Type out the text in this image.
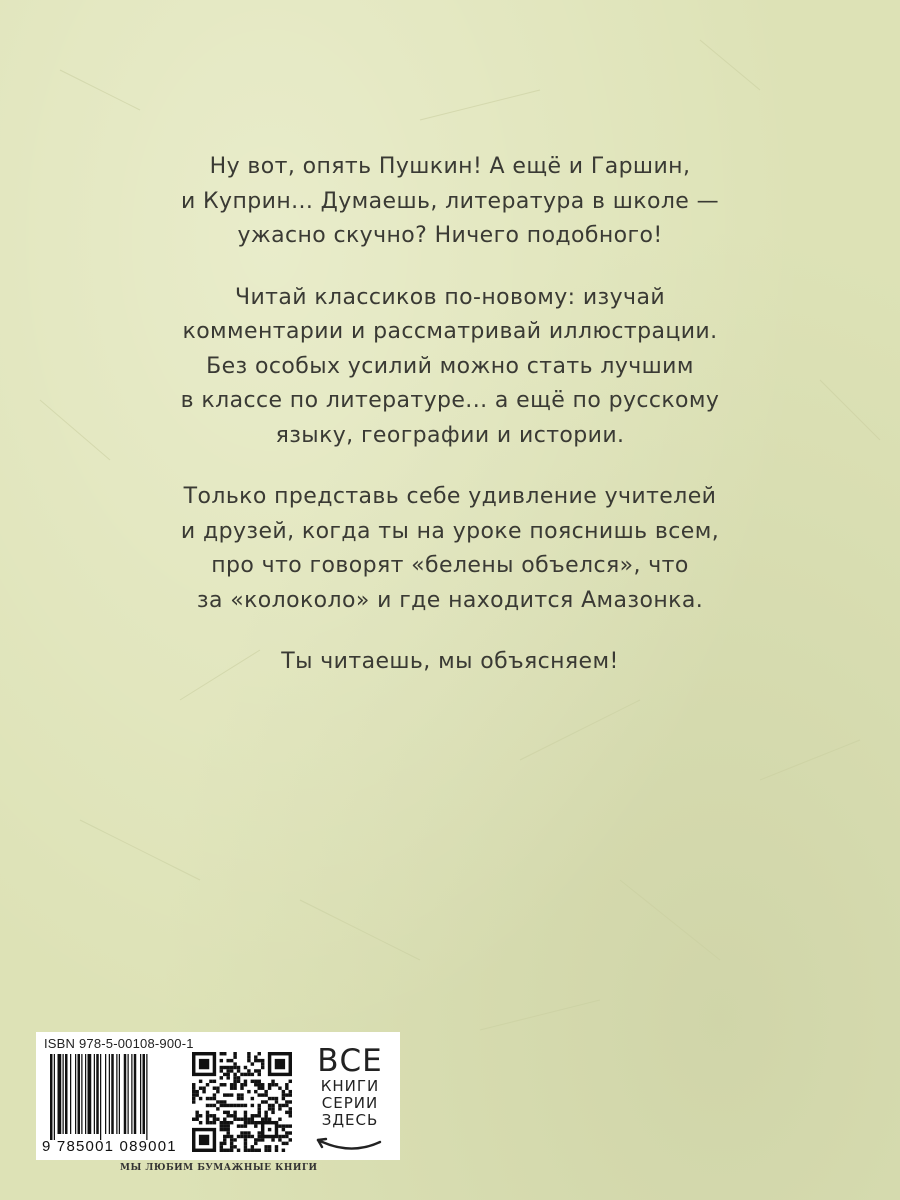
Ну вот, опять Пушкин! А ещё и Гаршин,
и Куприн... Думаешь, литература в школе —
ужасно скучно? Ничего подобного!

Читай классиков по-новому: изучай
комментарии и рассматривай иллюстрации.
Без особых усилий можно стать лучшим
в классе по литературе... а ещё по русскому
языку, географии и истории.

Только представь себе удивление учителей
и друзей, когда ты на уроке пояснишь всем,
про что говорят «белены объелся», что
за «колоколо» и где находится Амазонка.

Ты читаешь, мы объясняем!

ISBN 978-5-00108-900-1
9 785001 089001
ВСЕ
КНИГИ
СЕРИИ
ЗДЕСЬ
МЫ ЛЮБИМ БУМАЖНЫЕ КНИГИ
